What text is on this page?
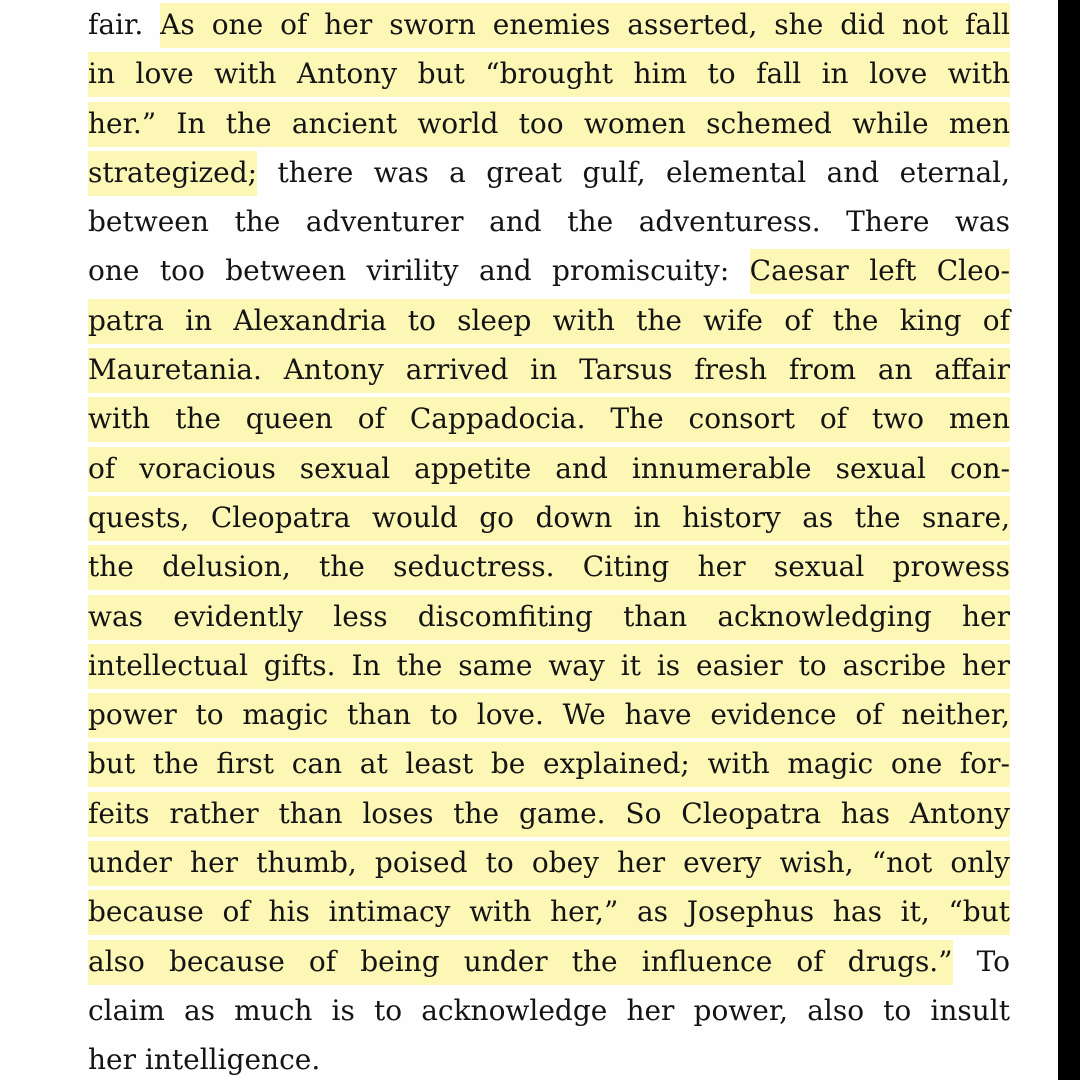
fair. As one of her sworn enemies asserted, she did not fall
in love with Antony but “brought him to fall in love with
her.” In the ancient world too women schemed while men
strategized; there was a great gulf, elemental and eternal,
between the adventurer and the adventuress. There was
one too between virility and promiscuity: Caesar left Cleo-
patra in Alexandria to sleep with the wife of the king of
Mauretania. Antony arrived in Tarsus fresh from an affair
with the queen of Cappadocia. The consort of two men
of voracious sexual appetite and innumerable sexual con-
quests, Cleopatra would go down in history as the snare,
the delusion, the seductress. Citing her sexual prowess
was evidently less discomfiting than acknowledging her
intellectual gifts. In the same way it is easier to ascribe her
power to magic than to love. We have evidence of neither,
but the first can at least be explained; with magic one for-
feits rather than loses the game. So Cleopatra has Antony
under her thumb, poised to obey her every wish, “not only
because of his intimacy with her,” as Josephus has it, “but
also because of being under the influence of drugs.” To
claim as much is to acknowledge her power, also to insult
her intelligence.
